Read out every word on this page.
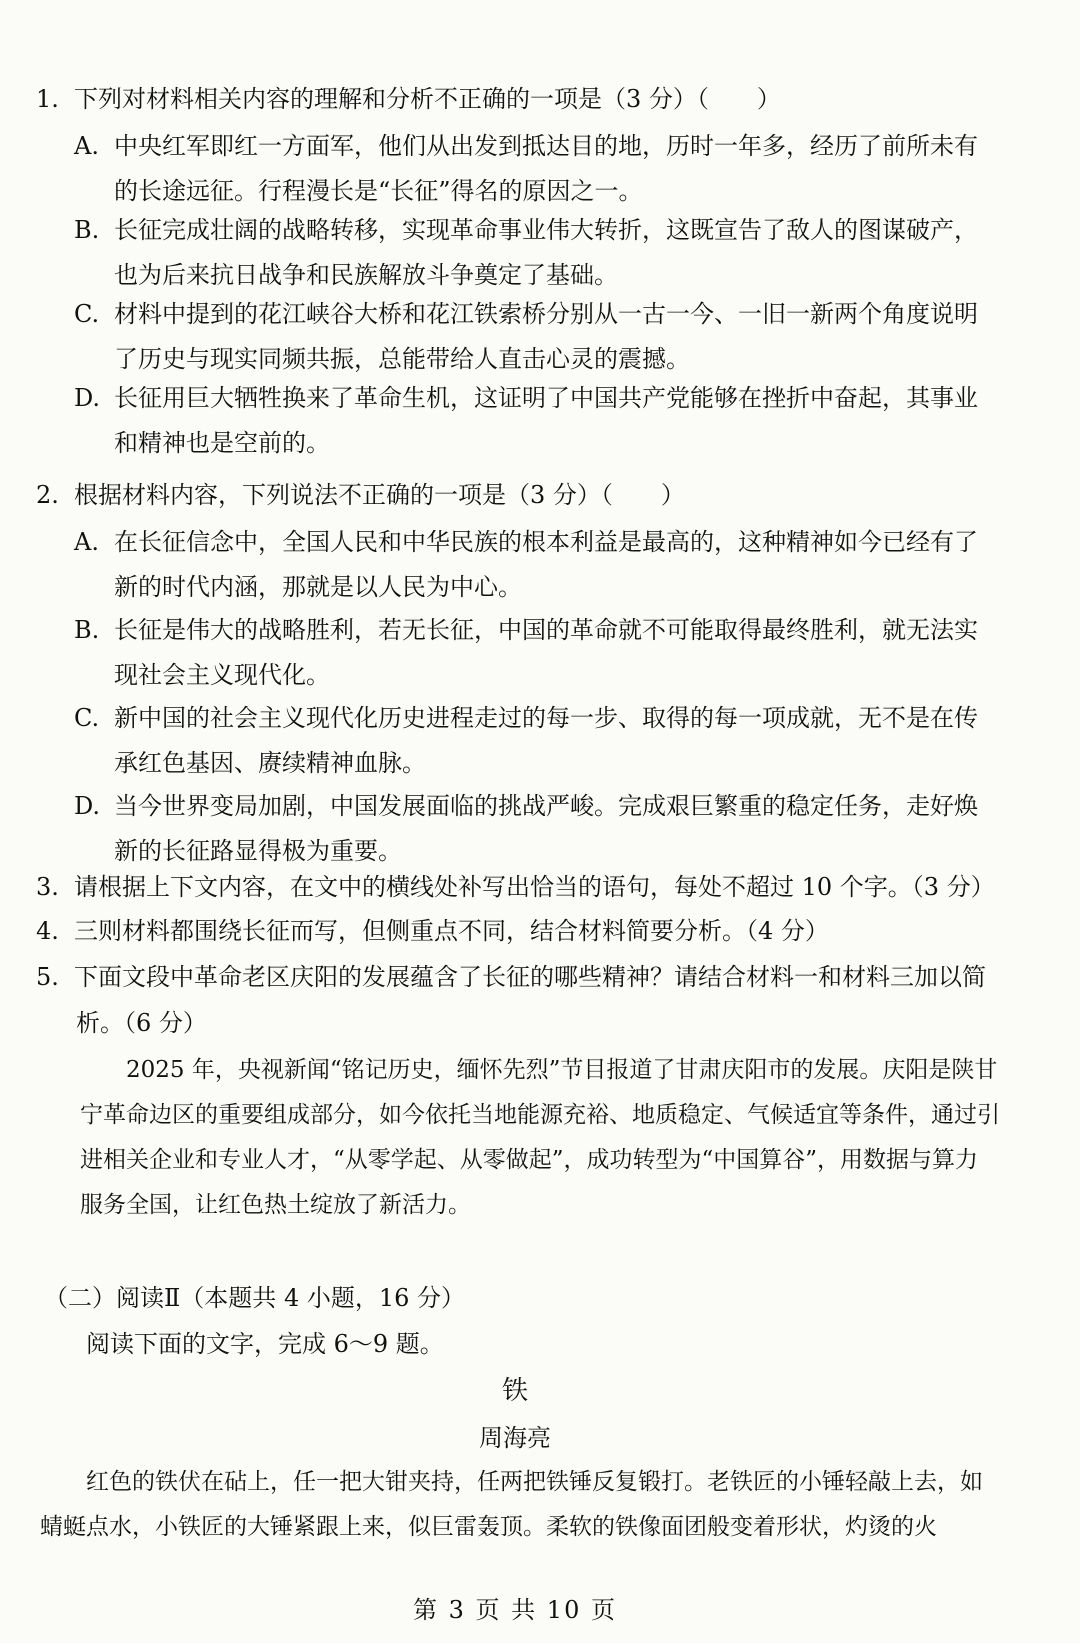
1. 下列对材料相关内容的理解和分析不正确的一项是（3 分）（　　）
A. 中央红军即红一方面军，他们从出发到抵达目的地，历时一年多，经历了前所未有
的长途远征。行程漫长是“长征”得名的原因之一。
B. 长征完成壮阔的战略转移，实现革命事业伟大转折，这既宣告了敌人的图谋破产，
也为后来抗日战争和民族解放斗争奠定了基础。
C. 材料中提到的花江峡谷大桥和花江铁索桥分别从一古一今、一旧一新两个角度说明
了历史与现实同频共振，总能带给人直击心灵的震撼。
D. 长征用巨大牺牲换来了革命生机，这证明了中国共产党能够在挫折中奋起，其事业
和精神也是空前的。
2. 根据材料内容，下列说法不正确的一项是（3 分）（　　）
A. 在长征信念中，全国人民和中华民族的根本利益是最高的，这种精神如今已经有了
新的时代内涵，那就是以人民为中心。
B. 长征是伟大的战略胜利，若无长征，中国的革命就不可能取得最终胜利，就无法实
现社会主义现代化。
C. 新中国的社会主义现代化历史进程走过的每一步、取得的每一项成就，无不是在传
承红色基因、赓续精神血脉。
D. 当今世界变局加剧，中国发展面临的挑战严峻。完成艰巨繁重的稳定任务，走好焕
新的长征路显得极为重要。
3. 请根据上下文内容，在文中的横线处补写出恰当的语句，每处不超过 10 个字。（3 分）
4. 三则材料都围绕长征而写，但侧重点不同，结合材料简要分析。（4 分）
5. 下面文段中革命老区庆阳的发展蕴含了长征的哪些精神？请结合材料一和材料三加以简
析。（6 分）

　　2025 年，央视新闻“铭记历史，缅怀先烈”节目报道了甘肃庆阳市的发展。庆阳是陕甘宁革命边区的重要组成部分，如今依托当地能源充裕、地质稳定、气候适宜等条件，通过引进相关企业和专业人才，“从零学起、从零做起”，成功转型为“中国算谷”，用数据与算力服务全国，让红色热土绽放了新活力。

（二）阅读Ⅱ（本题共 4 小题，16 分）
阅读下面的文字，完成 6～9 题。
铁
周海亮

　　红色的铁伏在砧上，任一把大钳夹持，任两把铁锤反复锻打。老铁匠的小锤轻敲上去，如蜻蜓点水，小铁匠的大锤紧跟上来，似巨雷轰顶。柔软的铁像面团般变着形状，灼烫的火

第 3 页 共 10 页
